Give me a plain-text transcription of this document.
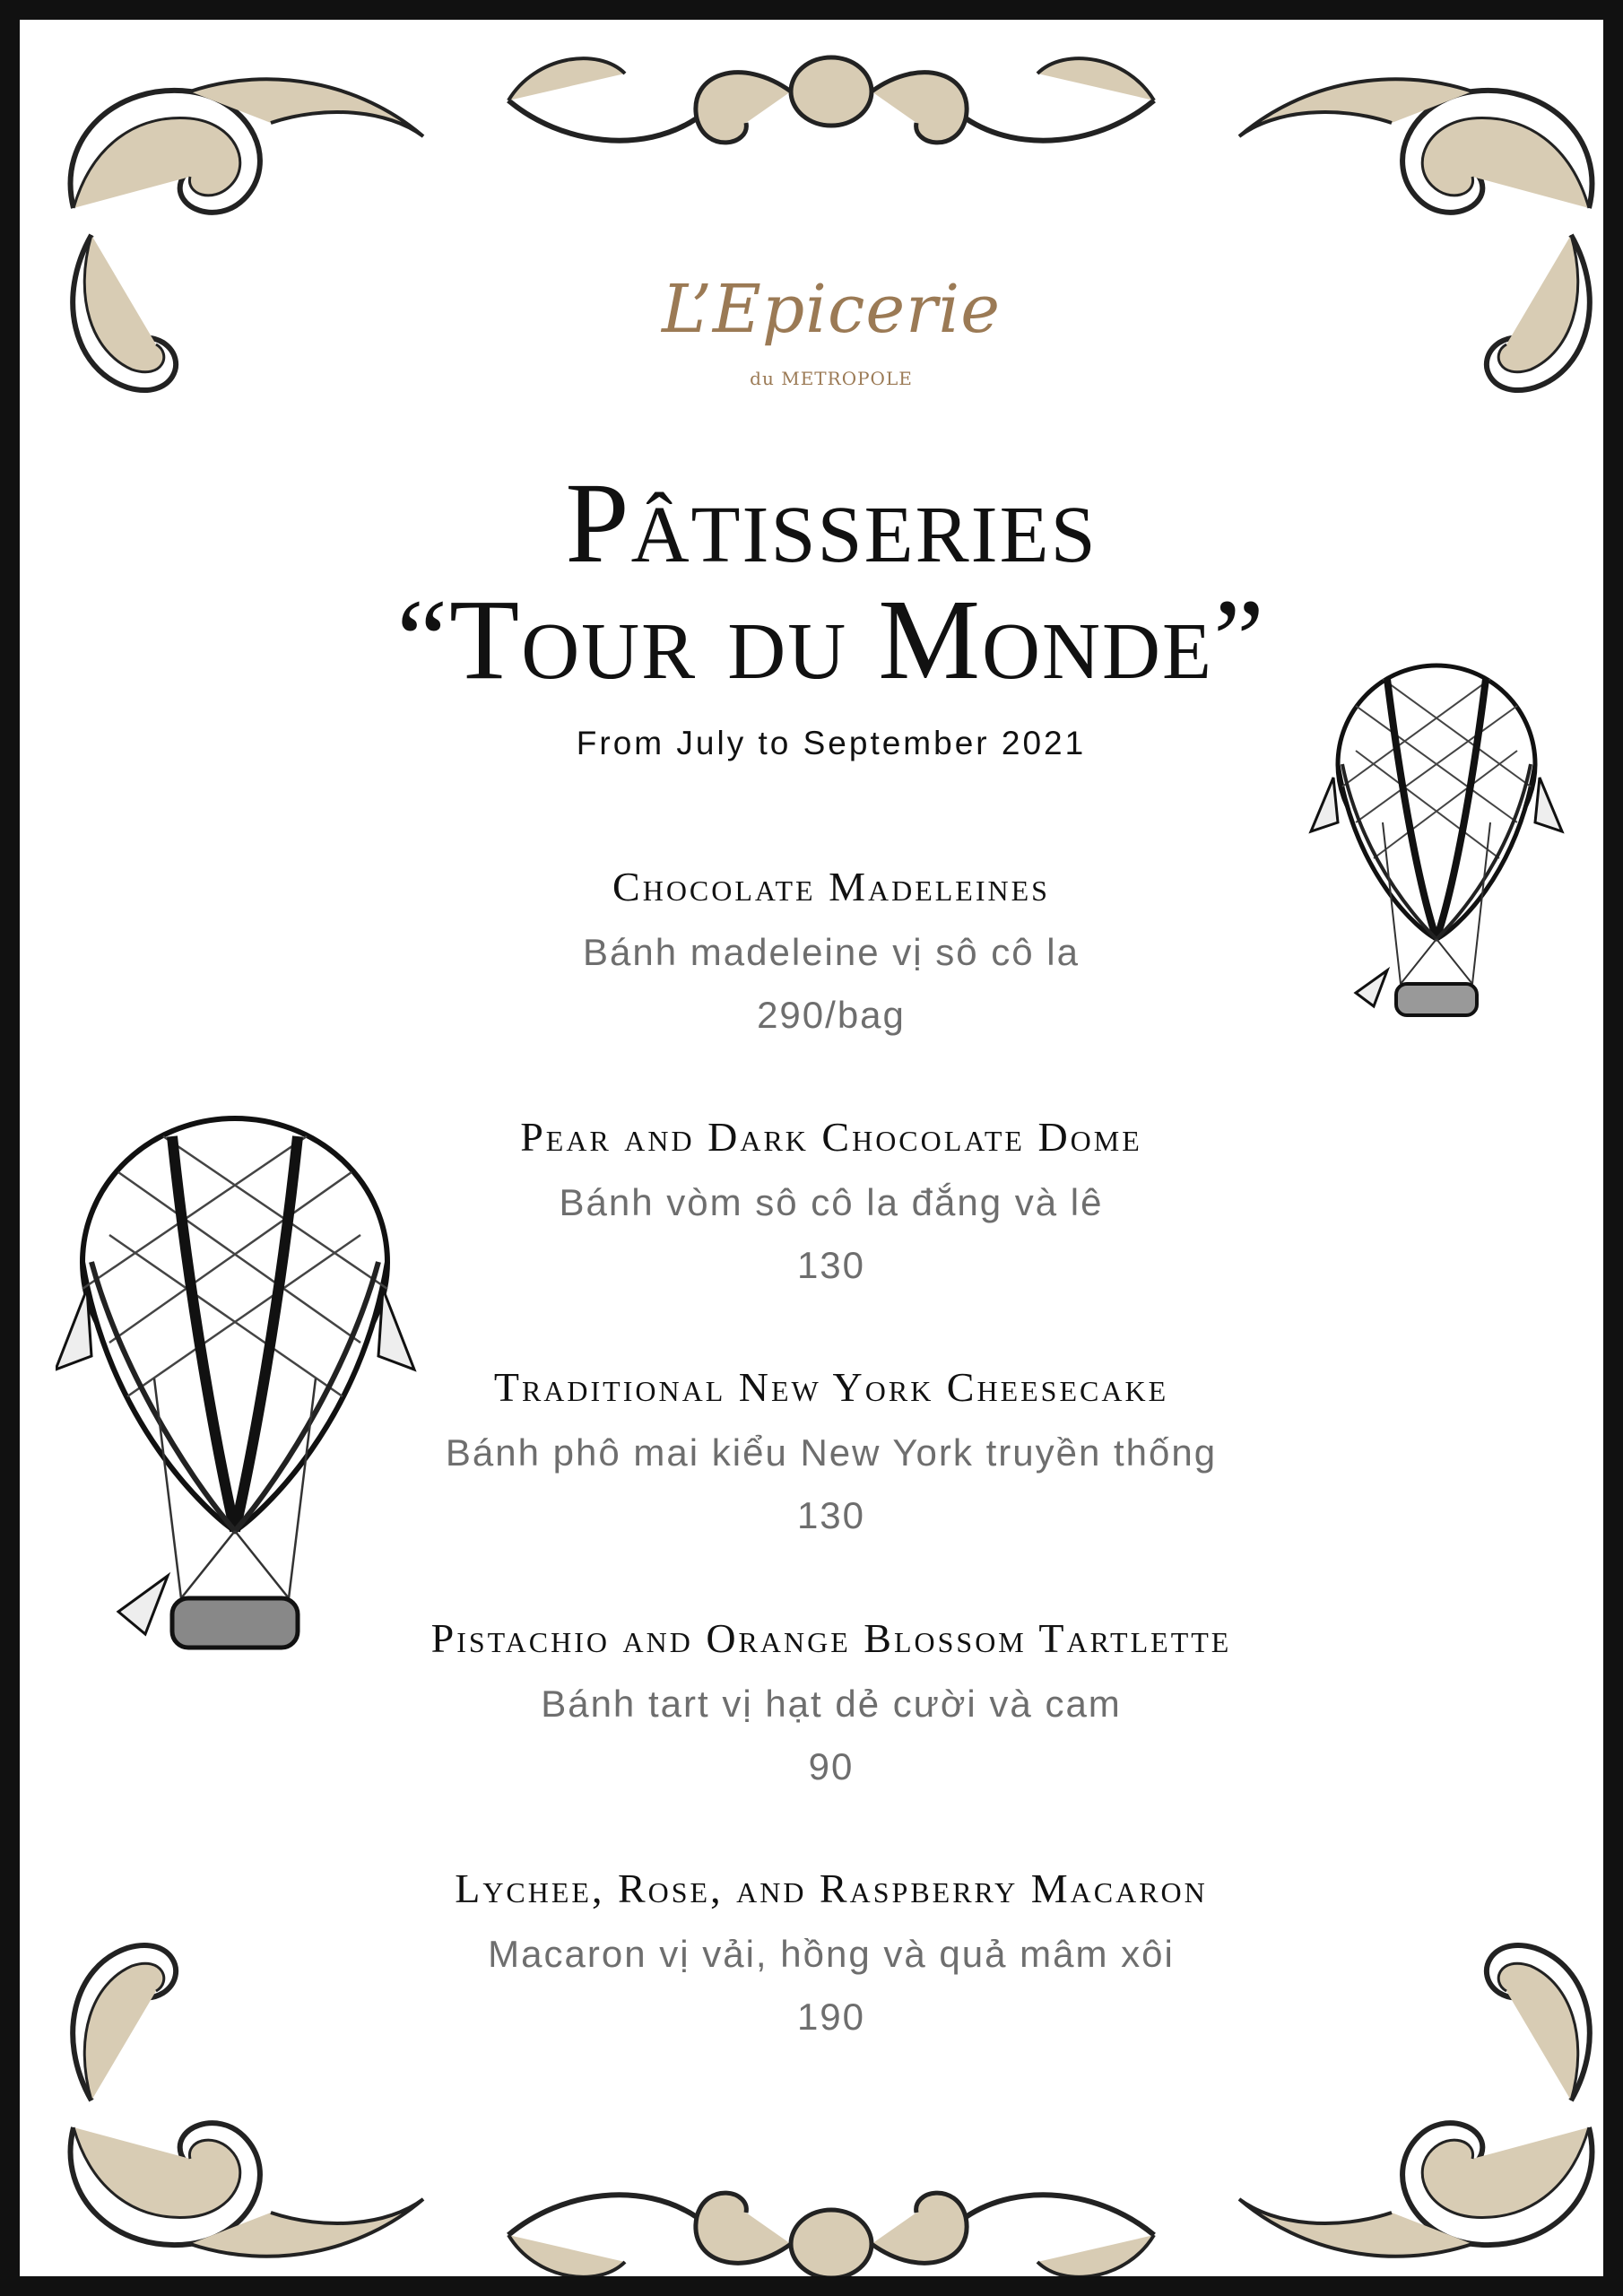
L’Epicerie
du METROPOLE
Pâtisseries
“Tour du Monde”
From July to September 2021
Chocolate Madeleines
Bánh madeleine vị sô cô la
290/bag
Pear and Dark Chocolate Dome
Bánh vòm sô cô la đắng và lê
130
Traditional New York Cheesecake
Bánh phô mai kiểu New York truyền thống
130
Pistachio and Orange Blossom Tartlette
Bánh tart vị hạt dẻ cười và cam
90
Lychee, Rose, and Raspberry Macaron
Macaron vị vải, hồng và quả mâm xôi
190
